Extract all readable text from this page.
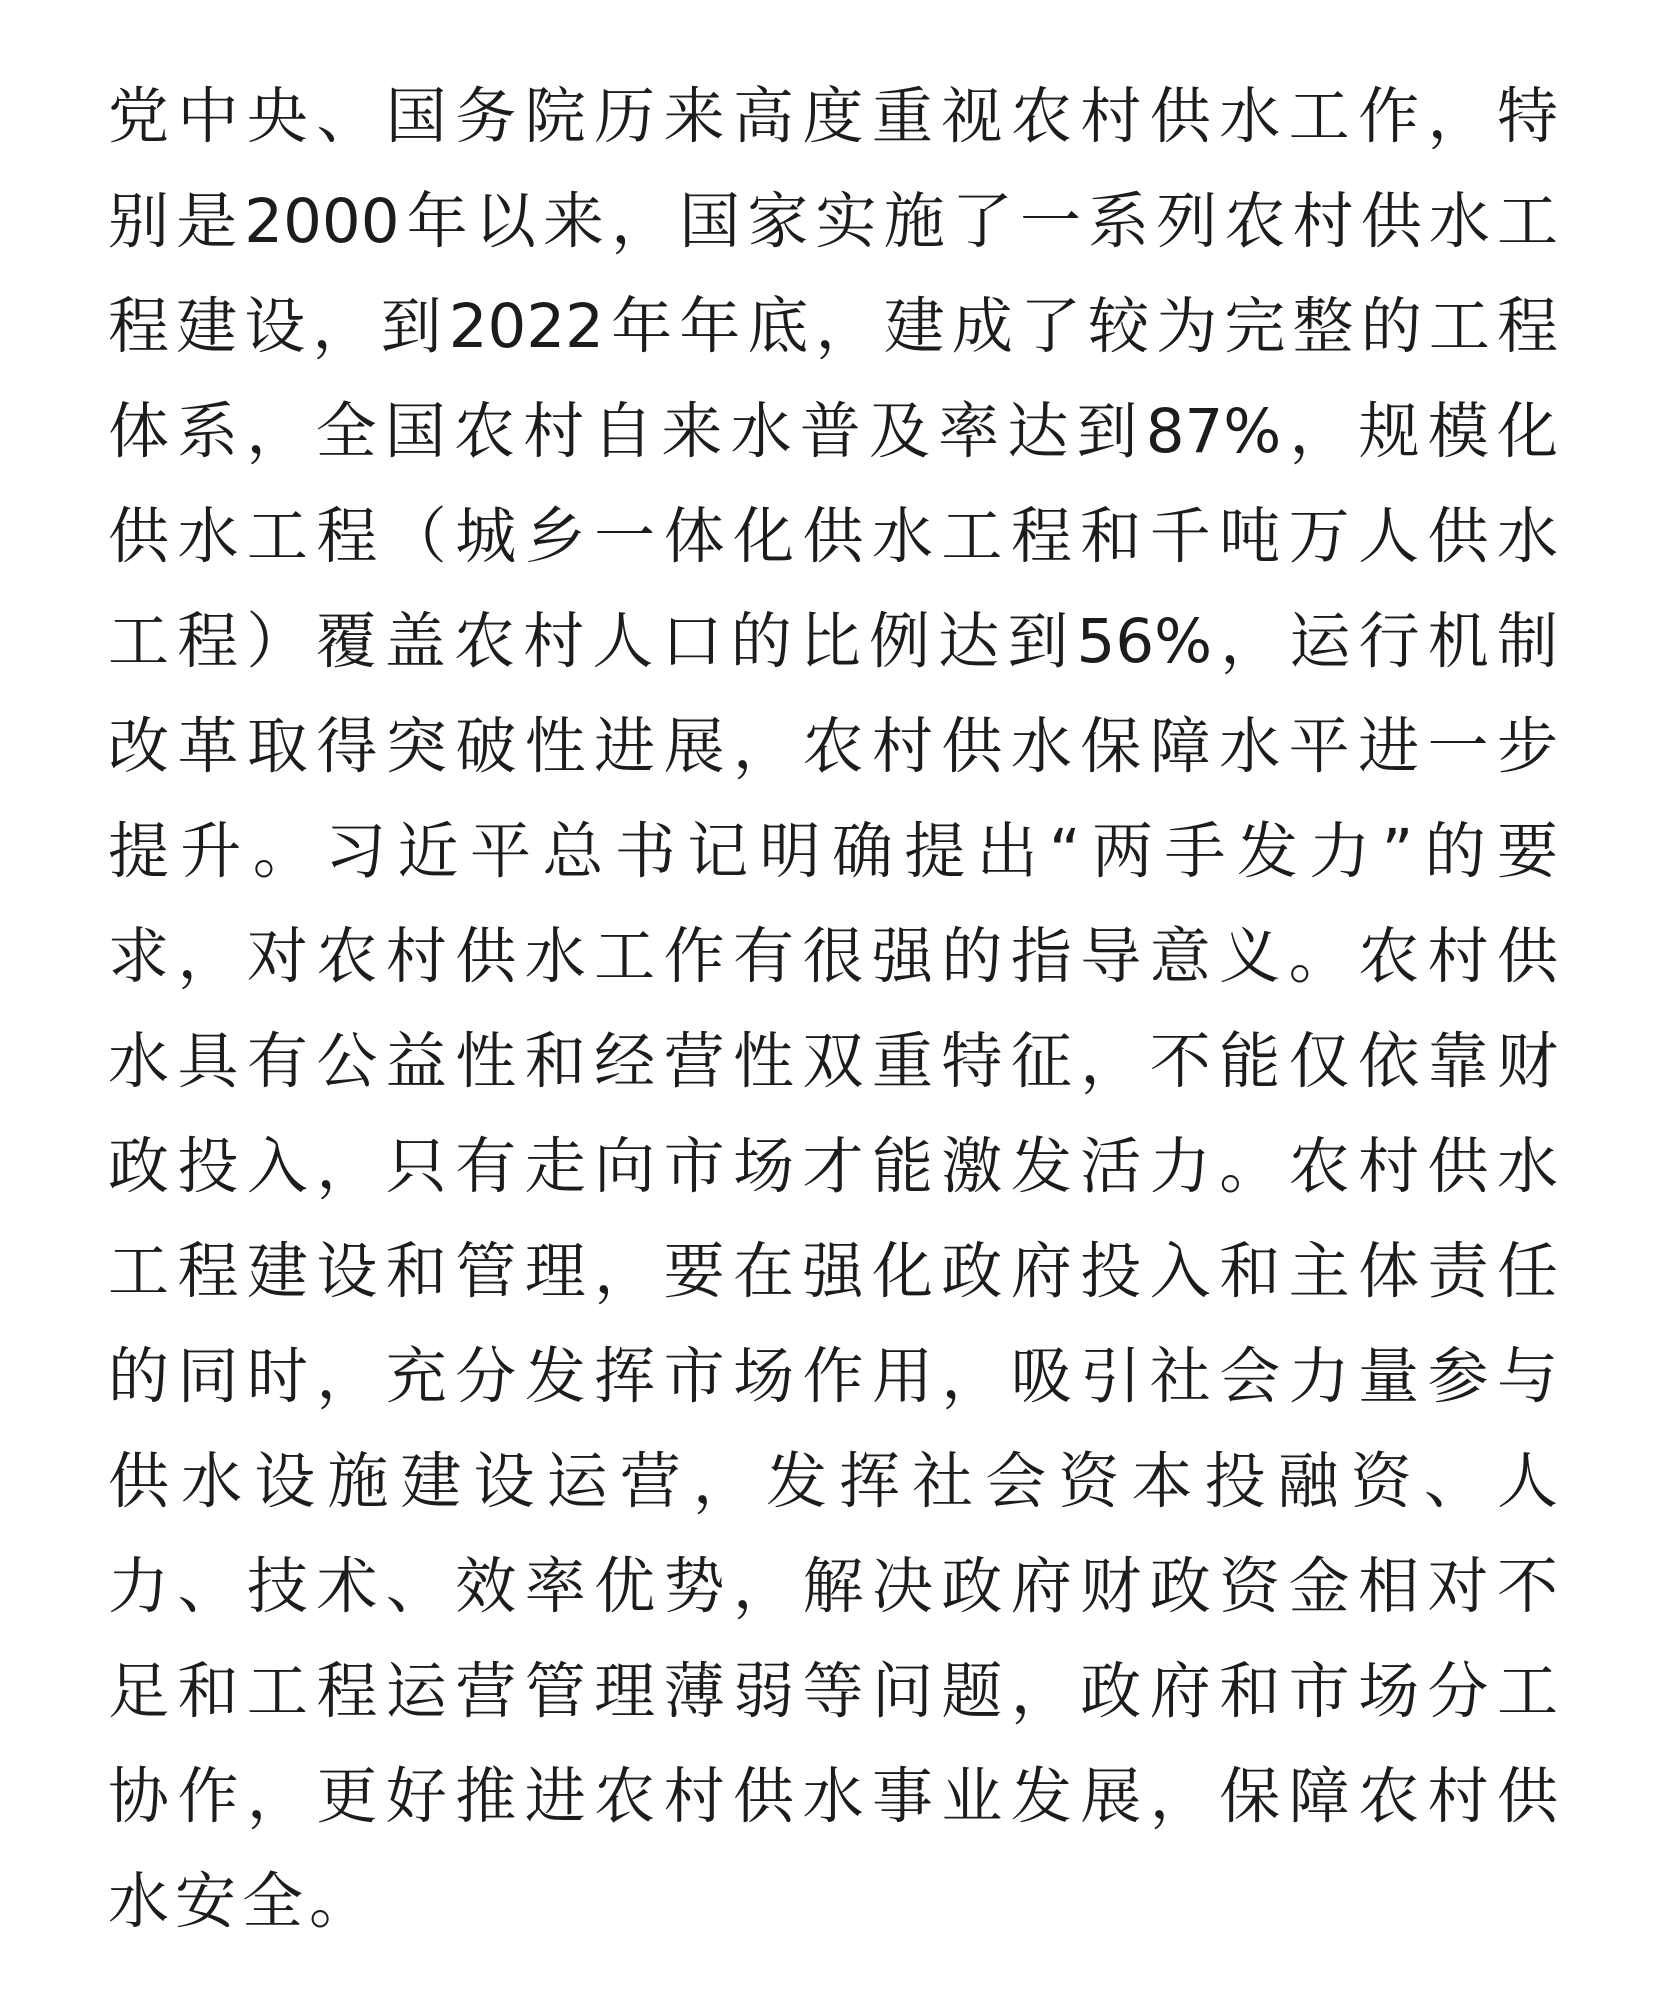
党中央、国务院历来高度重视农村供水工作，特
别是2000年以来，国家实施了一系列农村供水工
程建设，到2022年年底，建成了较为完整的工程
体系，全国农村自来水普及率达到87%，规模化
供水工程（城乡一体化供水工程和千吨万人供水
工程）覆盖农村人口的比例达到56%，运行机制
改革取得突破性进展，农村供水保障水平进一步
提升。习近平总书记明确提出“两手发力”的要
求，对农村供水工作有很强的指导意义。农村供
水具有公益性和经营性双重特征，不能仅依靠财
政投入，只有走向市场才能激发活力。农村供水
工程建设和管理，要在强化政府投入和主体责任
的同时，充分发挥市场作用，吸引社会力量参与
供水设施建设运营，发挥社会资本投融资、人
力、技术、效率优势，解决政府财政资金相对不
足和工程运营管理薄弱等问题，政府和市场分工
协作，更好推进农村供水事业发展，保障农村供
水安全。
